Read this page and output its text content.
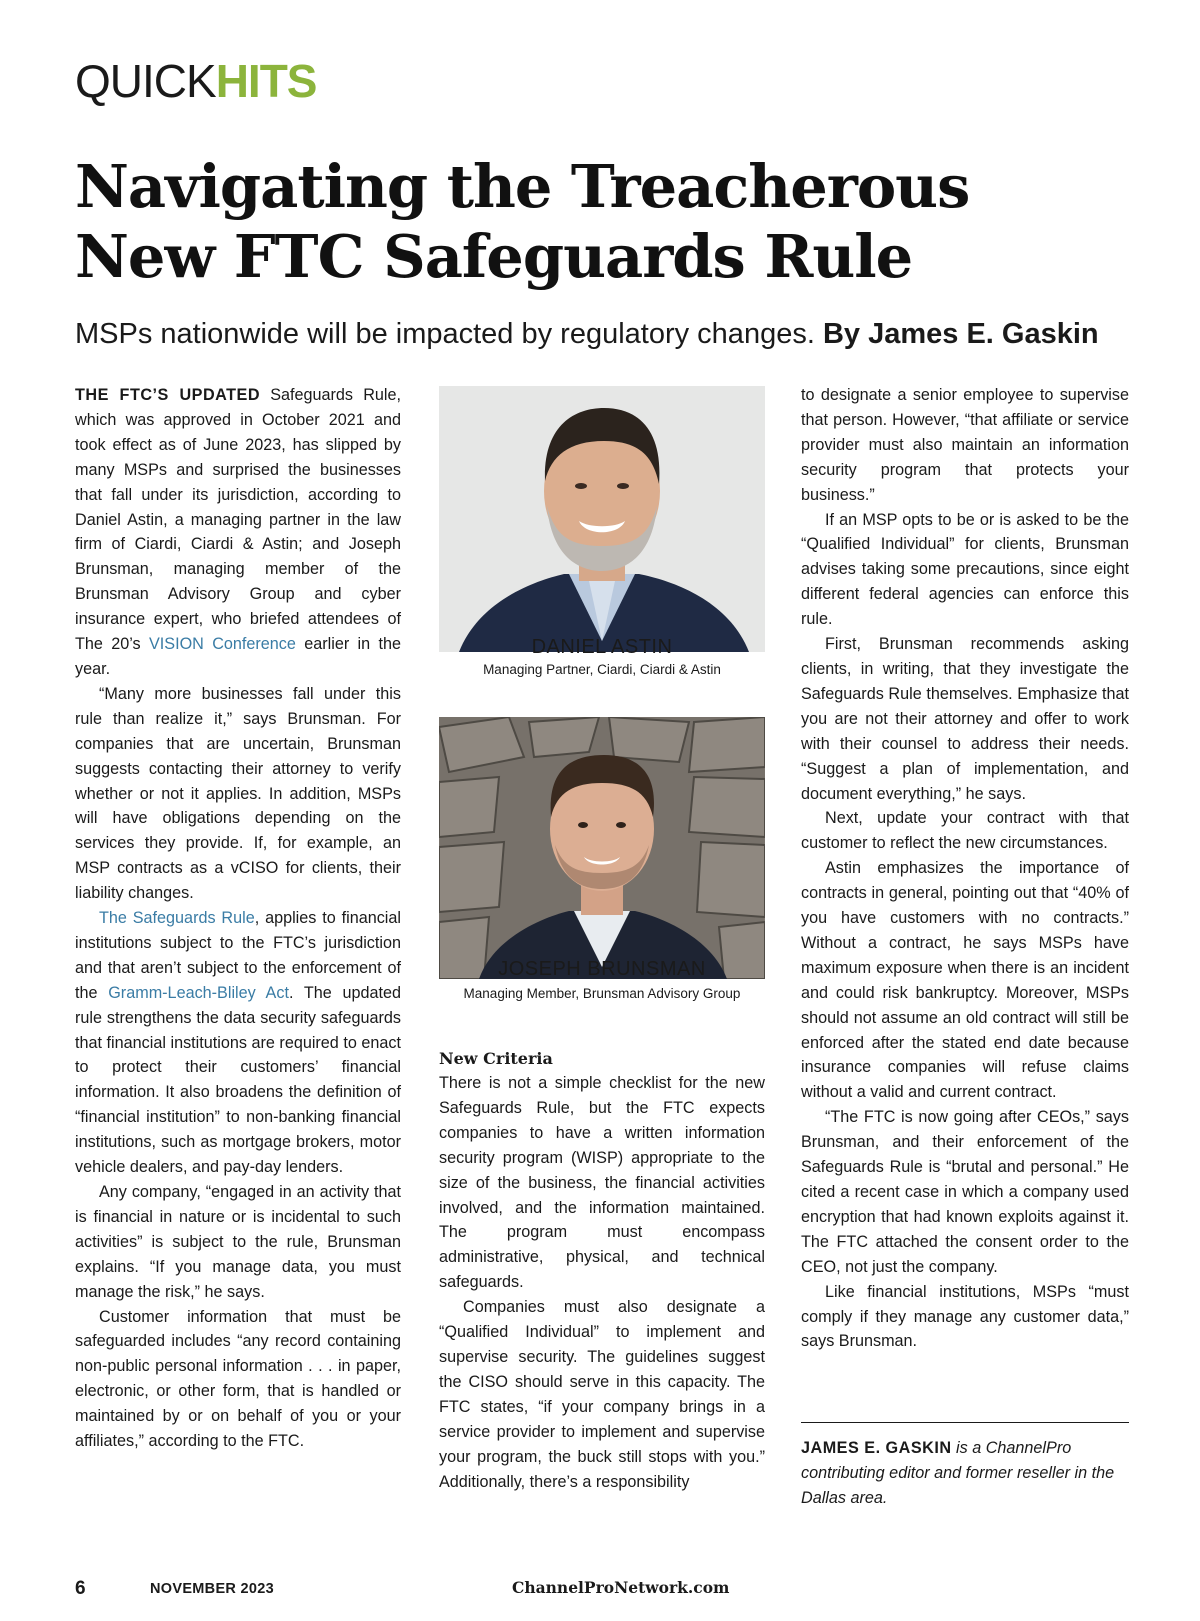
QUICKHITS
Navigating the Treacherous
New FTC Safeguards Rule
MSPs nationwide will be impacted by regulatory changes. By James E. Gaskin

THE FTC’S UPDATED Safeguards Rule, which was approved in October 2021 and took effect as of June 2023, has slipped by many MSPs and surprised the businesses that fall under its jurisdiction, according to Daniel Astin, a managing partner in the law firm of Ciardi, Ciardi & Astin; and Joseph Brunsman, managing member of the Brunsman Advisory Group and cyber insurance expert, who briefed attendees of The 20’s VISION Conference earlier in the year.

“Many more businesses fall under this rule than realize it,” says Brunsman. For companies that are uncertain, Brunsman suggests contacting their attorney to verify whether or not it applies. In addition, MSPs will have obligations depending on the services they provide. If, for example, an MSP contracts as a vCISO for clients, their liability changes.

The Safeguards Rule, applies to financial institutions subject to the FTC’s jurisdiction and that aren’t subject to the enforcement of the Gramm-Leach-Bliley Act. The updated rule strengthens the data security safeguards that financial institutions are required to enact to protect their customers’ financial information. It also broadens the definition of “financial institution” to non-banking financial institutions, such as mortgage brokers, motor vehicle dealers, and pay-day lenders.

Any company, “engaged in an activity that is financial in nature or is incidental to such activities” is subject to the rule, Brunsman explains. “If you manage data, you must manage the risk,” he says.

Customer information that must be safeguarded includes “any record containing non-public personal information . . . in paper, electronic, or other form, that is handled or maintained by or on behalf of you or your affiliates,” according to the FTC.

DANIEL ASTIN
Managing Partner, Ciardi, Ciardi & Astin
JOSEPH BRUNSMAN
Managing Member, Brunsman Advisory Group

New Criteria

There is not a simple checklist for the new Safeguards Rule, but the FTC expects companies to have a written information security program (WISP) appropriate to the size of the business, the financial activities involved, and the information maintained. The program must encompass administrative, physical, and technical safeguards.

Companies must also designate a “Qualified Individual” to implement and supervise security. The guidelines suggest the CISO should serve in this capacity. The FTC states, “if your company brings in a service provider to implement and supervise your program, the buck still stops with you.” Additionally, there’s a responsibility

to designate a senior employee to supervise that person. However, “that affiliate or service provider must also maintain an information security program that protects your business.”

If an MSP opts to be or is asked to be the “Qualified Individual” for clients, Brunsman advises taking some precautions, since eight different federal agencies can enforce this rule.

First, Brunsman recommends asking clients, in writing, that they investigate the Safeguards Rule themselves. Emphasize that you are not their attorney and offer to work with their counsel to address their needs. “Suggest a plan of implementation, and document everything,” he says.

Next, update your contract with that customer to reflect the new circumstances.

Astin emphasizes the importance of contracts in general, pointing out that “40% of you have customers with no contracts.” Without a contract, he says MSPs have maximum exposure when there is an incident and could risk bankruptcy. Moreover, MSPs should not assume an old contract will still be enforced after the stated end date because insurance companies will refuse claims without a valid and current contract.

“The FTC is now going after CEOs,” says Brunsman, and their enforcement of the Safeguards Rule is “brutal and personal.” He cited a recent case in which a company used encryption that had known exploits against it. The FTC attached the consent order to the CEO, not just the company.

Like financial institutions, MSPs “must comply if they manage any customer data,” says Brunsman.

JAMES E. GASKIN is a ChannelPro contributing editor and former reseller in the Dallas area.
6	NOVEMBER 2023	ChannelProNetwork.com
